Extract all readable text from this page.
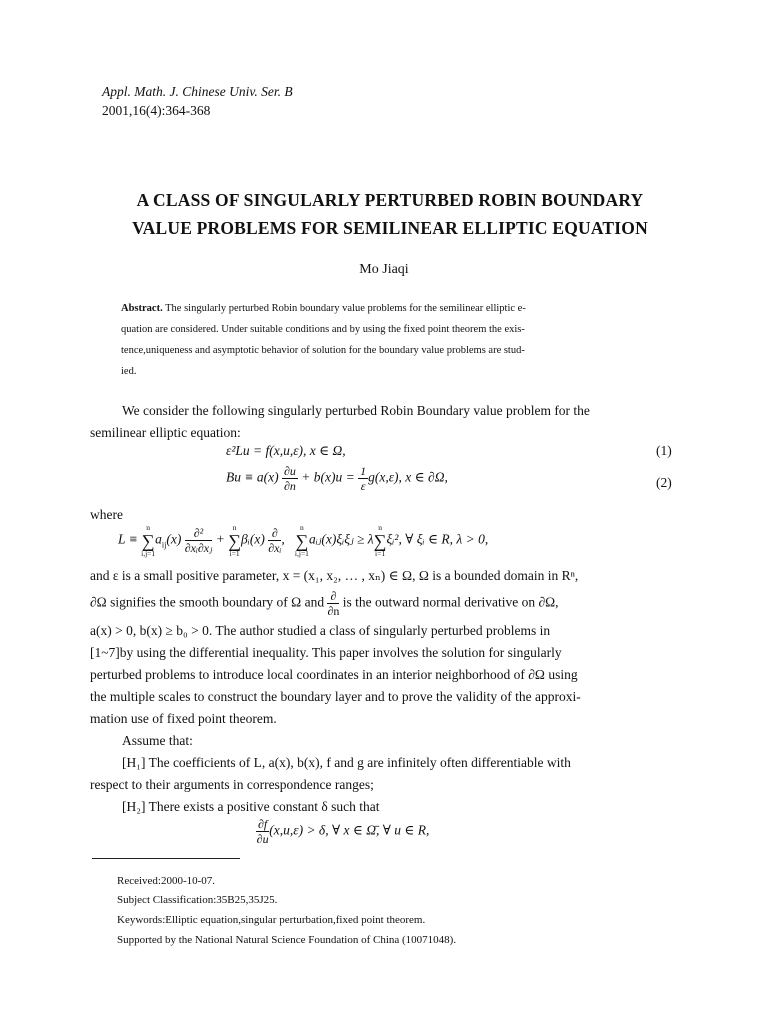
Appl. Math. J. Chinese Univ. Ser. B
2001,16(4):364-368
A CLASS OF SINGULARLY PERTURBED ROBIN BOUNDARY
VALUE PROBLEMS FOR SEMILINEAR ELLIPTIC EQUATION
Mo Jiaqi
Abstract. The singularly perturbed Robin boundary value problems for the semilinear elliptic e-
quation are considered. Under suitable conditions and by using the fixed point theorem the exis-
tence,uniqueness and asymptotic behavior of solution for the boundary value problems are stud-
ied.
We consider the following singularly perturbed Robin Boundary value problem for the
semilinear elliptic equation:
ε²Lu = f(x,u,ε), x ∈ Ω,	(1)
$Bu \equiv a(x) \frac{\partial u}{\partial n} + b(x)u = \frac{1}{\varepsilon} g(x,\varepsilon)$, x ∈ ∂Ω,	(2)
where
L ≡
n
∑
i,j=1
$a_{ij}(x) \frac{\text{∂²}}{\text{∂xᵢ∂xⱼ}}$ +
n
∑
i=1
βᵢ(x) $\frac{\partial}{\text{∂xᵢ}}$ ,
n
∑
i,j=1
aᵢⱼ(x)ξᵢξⱼ ≥ λ
n
∑
i=1
ξᵢ², ∀ ξᵢ ∈ R, λ > 0,
and ε is a small positive parameter, x = (x₁, x₂, … , xₙ) ∈ Ω, Ω is a bounded domain in Rⁿ,
∂Ω signifies the smooth boundary of Ω and $\frac{\partial}{\partial n}$ is the outward normal derivative on ∂Ω,
a(x) > 0, b(x) ≥ b₀ > 0. The author studied a class of singularly perturbed problems in
[1~7]by using the differential inequality. This paper involves the solution for singularly
perturbed problems to introduce local coordinates in an interior neighborhood of ∂Ω using
the multiple scales to construct the boundary layer and to prove the validity of the approxi-
mation use of fixed point theorem.
Assume that:
[H₁] The coefficients of L, a(x), b(x), f and g are infinitely often differentiable with
respect to their arguments in correspondence ranges;
[H₂] There exists a positive constant δ such that
$\frac{\partial f}{\partial u} (x,u,\varepsilon) > \delta$, ∀ x ∈ Ω̄, ∀ u ∈ R,
Received:2000-10-07.
Subject Classification:35B25,35J25.
Keywords:Elliptic equation,singular perturbation,fixed point theorem.
Supported by the National Natural Science Foundation of China (10071048).
